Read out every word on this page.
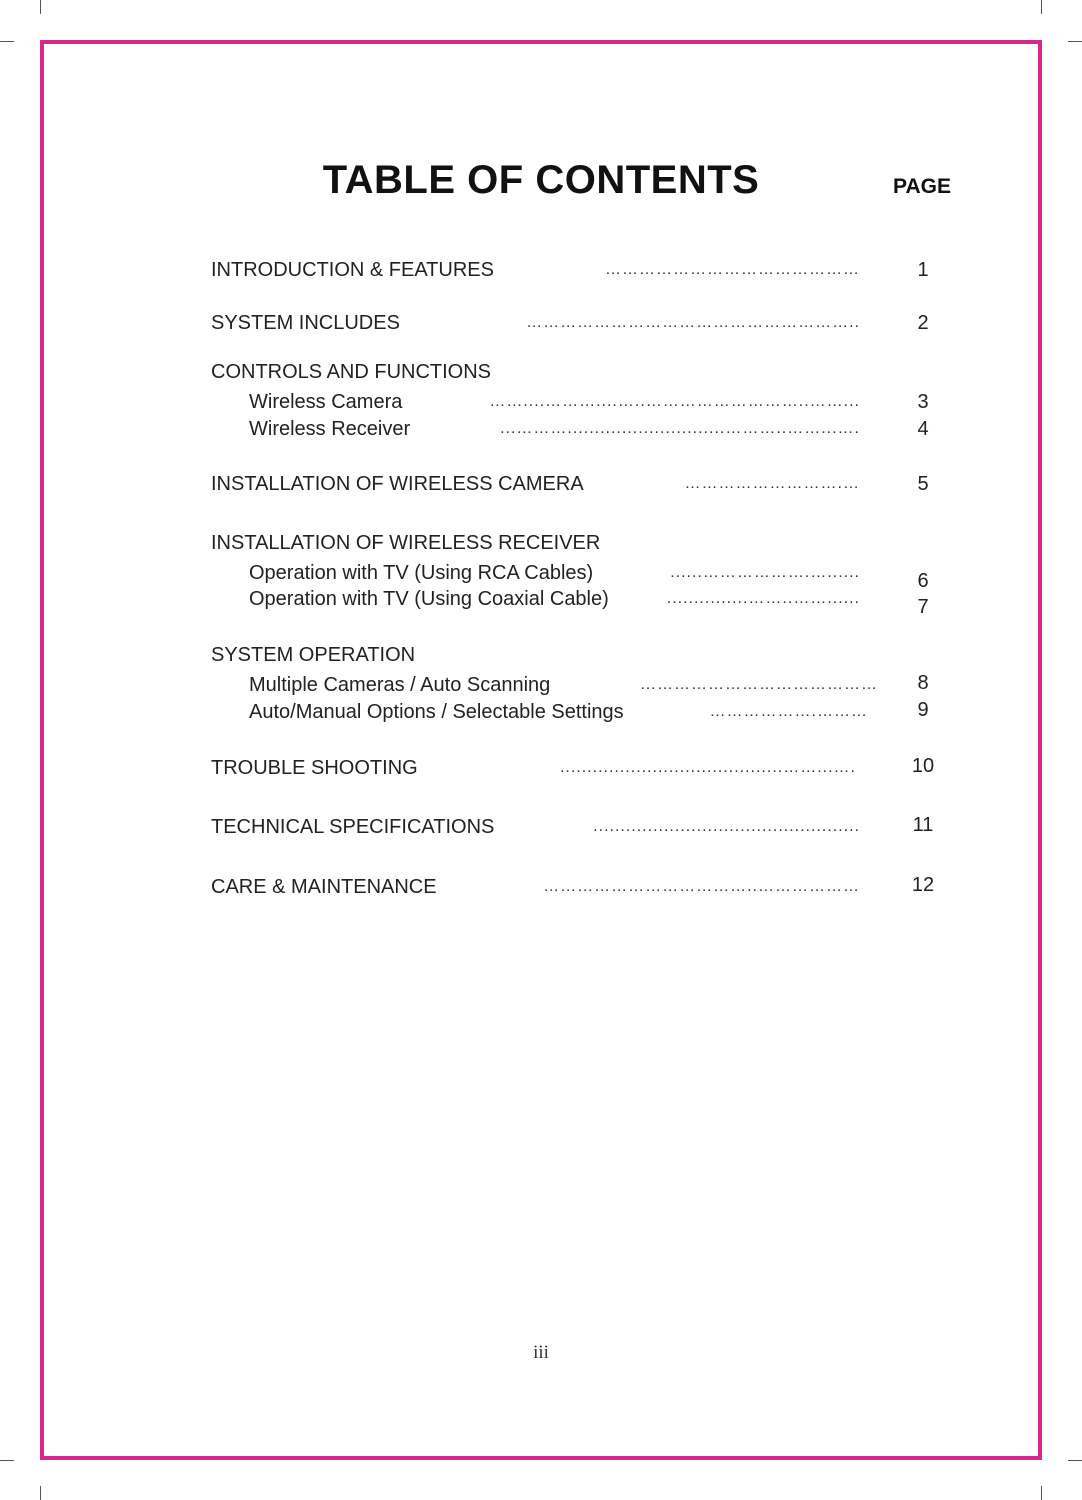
TABLE OF CONTENTS	PAGE
INTRODUCTION & FEATURES	………………………………………	1
SYSTEM INCLUDES	…………………………………………………..	2
CONTROLS AND FUNCTIONS
Wireless Camera	……....………....…..………………………..……...	3
Wireless Receiver	...……….............................………..……...….	4
INSTALLATION OF WIRELESS CAMERA	……………………….…	5
INSTALLATION OF WIRELESS RECEIVER
Operation with TV (Using RCA Cables)	......……………….…......	6
Operation with TV (Using Coaxial Cable)	...............……..……......	7
SYSTEM OPERATION
Multiple Cameras / Auto Scanning	……………………………………	8
Auto/Manual Options / Selectable Settings	……………….………	9
TROUBLE SHOOTING	.........................................……...….	10
TECHNICAL SPECIFICATIONS	.................................................	11
CARE & MAINTENANCE	………………………………..………………	12
iii
